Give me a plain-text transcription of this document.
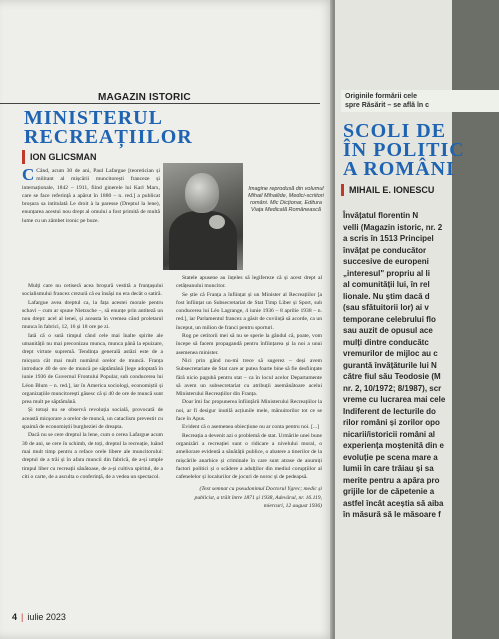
MAGAZIN ISTORIC
MINISTERUL
RECREAȚIILOR
ION GLICSMAN
Imagine reprodusă din volumul Mihail Mihailide, Medici-scriitori români. Mic Dicționar, Editura Viața Medicală Românească

C Când, acum 30 de ani, Paul Lafargue [teoretician și militant al mișcării muncitorești franceze și internaționale, 1842 – 1911, fiind ginerele lui Karl Marx, care se face referință a apărut în 1880 – n. red.] a publicat broșura sa intitulată Le droit à la paresse (Dreptul la lene), enunțarea acestui nou drept al omului a fost primită de multă lume cu un zâmbet ironic pe buze.

Mulți care nu cetiseră acea broșură vestită a frunțașului socialismului francez crezură că ea însăși nu era decât o satiră.

Lafargue avea dreptul ca, la fața acestei morale pentru schavi – cum ar spune Nietzsche –, să enunțe prin antiteză un nou drept: acel al lenei, și aceasta în vremea când proletarul munca în fabrici, 12, 16 și 18 ore pe zi.

Iată că o sută timpul când cele mai înalte spirite ale umanității nu mai preconizau munca, munca până la epuizare, drept virtute supremă. Tendința generală astăzi este de a micșora cât mai mult numărul orelor de muncă. Franța introduce 40 de ore de muncă pe săptămână [lege adoptată în iunie 1936 de Guvernul Frontului Popular, sub conducerea lui Léon Blum – n. red.], iar în America sociologi, economiștii și organizațiile muncitorești găsesc că și 40 de ore de muncă sunt prea mult pe săptămână.

Și totuși nu se observă revoluția socială, provocată de această micșorare a orelor de muncă, un cataclism prevestit cu spaimă de economiștii burgheziei de dreapta.

Dacă nu se cere dreptul la lene, cum o cerea Lafargue acum 30 de ani, se cere în schimb, de toți, dreptul la recreație, luând mai mult timp pentru a reface orele libere ale muncitorului: dreptul de a trăi și în afara muncii din fabrică, de a-și umple timpul liber cu recreații sănătoase, de a-și cultiva spiritul, de a citi o carte, de a asculta o conferință, de a vedea un spectacol.

Statele apusene au înțeles să legifereze că și acest drept al cetățeanului muncitor.

Se știe că Franța a înființat și un Minister al Recreațiilor [a fost înființat un Subsecretariat de Stat Timp Liber și Sport, sub conducerea lui Léo Lagrange, 4 iunie 1936 – 8 aprilie 1938 – n. red.], iar Parlamentul francez a găsit de cuviință să acorde, ca un început, un milion de franci pentru sporturi.

Rog pe cetitorii mei să nu se sperie la gândul că, poate, vom începe să facem propagandă pentru înființarea și la noi a unui asemenea minister.

Nici prin gând nu-mi trece să sugerez – deși avem Subsecretariate de Stat care ar putea foarte bine să fie desființate fără nicio pagubă pentru stat – ca în locul acelor Departamente să avem un subsecretariat cu atribuții asemănătoare acelui Ministerului Recreațiilor din Franța.

Doar îmi fac propunerea înființării Ministerului Recreațiilor la noi, ar fi desigur inutilă acțiunile mele, mânuitorilor tot ce se face în Apus.

Evident că o asemenea obiecțiune nu ar conta pentru noi. [...]

Recreația a devenit azi o problemă de stat. Urmările unei bune organizări a recreației sunt o ridicare a nivelului moral, o ameliorare evidentă a sănătății publice, o abatere a tinerilor de la mișcările anarhice și criminale în care sunt atrase de anumiți factori politici și o scădere a adulților din mediul corupțiilor al cafenelelor și localurilor de jocuri de noroc și de pedeapsă.

(Text semnat cu pseudonimul Doctorul Ygrec; medic și publicist, a trăit între 1871 și 1938, Adevărul, nr. 16.119, miercuri, 12 august 1936)

4 | iulie 2023
Originile formării cele
spre Răsărit – se află în c
SCOLI DE
ÎN POLITIC
A ROMÂNI
MIHAIL E. IONESCU
Învățatul florentin N
velli (Magazin istoric, nr. 2
a scris în 1513 Principel
învățat pe conducător
succesive de europeni
„interesul" propriu al li
al comunității lui, în rel
lionale. Nu știm dacă d
(sau sfătuitorii lor) ai v
temporane celebrului flo
sau auzit de opusul ace
mulți dintre conducătc
vremurilor de mijloc au c
gurantă învățăturile lui N
către fiul său Teodosie (M
nr. 2, 10/1972; 8/1987), scr
vreme cu lucrarea mai cele
Indiferent de lecturile do
rilor români și zorilor opo
nicarii/istoricii români al
experiența moștenită din e
evoluție pe scena mare a
lumii în care trăiau și sa
merite pentru a apăra pro
grijile lor de căpetenie a
astfel încât aceștia să aiba
în măsură să le măsoare f
